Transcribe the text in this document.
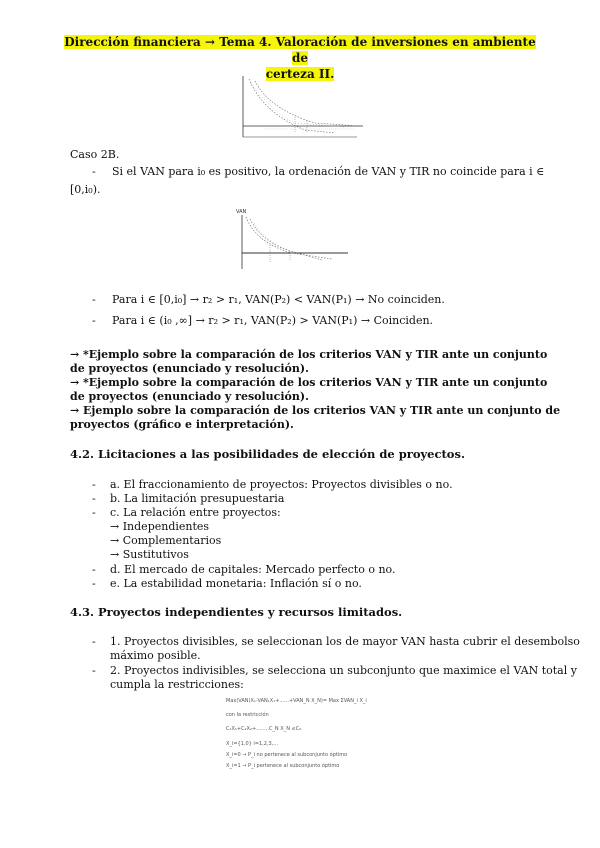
Dirección financiera → Tema 4. Valoración de inversiones en ambiente de
certeza II.
Caso 2B.
- Si el VAN para i₀ es positivo, la ordenación de VAN y TIR no coincide para i ∈
[0,i₀).
VAN
- Para i ∈ [0,i₀] → r₂ > r₁, VAN(P₂) < VAN(P₁) → No coinciden.
- Para i ∈ (i₀ ,∞] → r₂ > r₁, VAN(P₂) > VAN(P₁) → Coinciden.
→ *Ejemplo sobre la comparación de los criterios VAN y TIR ante un conjunto
de proyectos (enunciado y resolución).
→ *Ejemplo sobre la comparación de los criterios VAN y TIR ante un conjunto
de proyectos (enunciado y resolución).
→ Ejemplo sobre la comparación de los criterios VAN y TIR ante un conjunto de
proyectos (gráfico e interpretación).
4.2. Licitaciones a las posibilidades de elección de proyectos.
- a. El fraccionamiento de proyectos: Proyectos divisibles o no.
- b. La limitación presupuestaria
- c. La relación entre proyectos:
→ Independientes
→ Complementarios
→ Sustitutivos
- d. El mercado de capitales: Mercado perfecto o no.
- e. La estabilidad monetaria: Inflación sí o no.
4.3. Proyectos independientes y recursos limitados.
- 1. Proyectos divisibles, se seleccionan los de mayor VAN hasta cubrir el desembolso
máximo posible.
- 2. Proyectos indivisibles, se selecciona un subconjunto que maximice el VAN total y
cumpla la restricciones:
Max(VAN)X₁·VAN₁X₁+......+VAN_N X_N)= Max ΣVAN_i X_i
con la restricción
C₁X₁+C₂X₂+........C_N X_N ≤C₀
X_i={1,0} i=1,2,3,...
X_i=0 → P_i no pertenece al subconjunto óptimo
X_i=1 → P_i pertenece al subconjunto óptimo
